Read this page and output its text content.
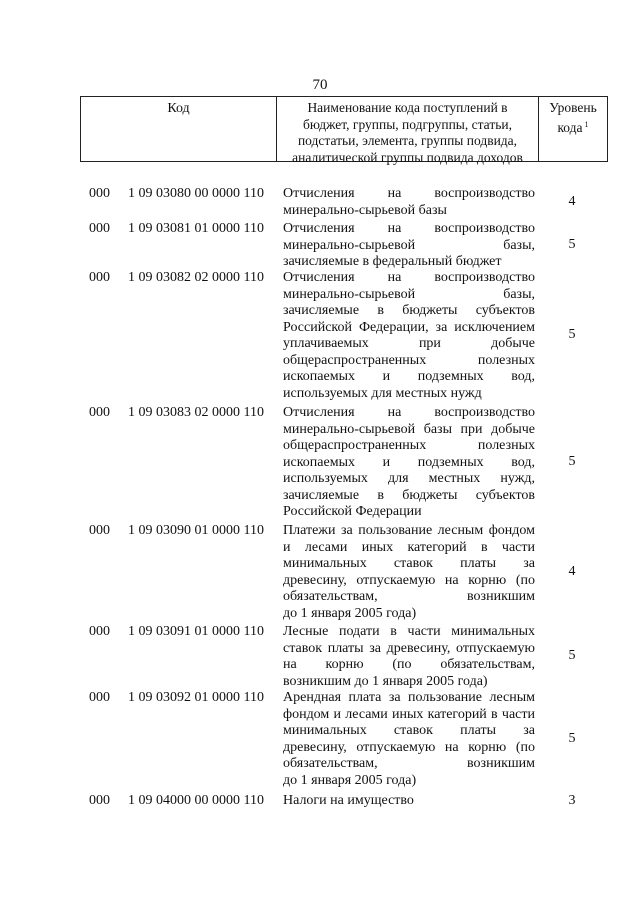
70
Код	Наименование кода поступлений в
бюджет, группы, подгруппы, статьи,
подстатьи, элемента, группы подвида,
аналитической группы подвида доходов
Уровень
кода $^1$
000 1 09 03080 00 0000 110 Отчисления на воспроизводство
минерально-сырьевой базы
4
000 1 09 03081 01 0000 110 Отчисления на воспроизводство
минерально-сырьевой базы,
зачисляемые в федеральный бюджет
5
000 1 09 03082 02 0000 110 Отчисления на воспроизводство
минерально-сырьевой базы,
зачисляемые в бюджеты субъектов
Российской Федерации, за исключением
уплачиваемых при добыче
общераспространенных полезных
ископаемых и подземных вод,
используемых для местных нужд
5
000 1 09 03083 02 0000 110 Отчисления на воспроизводство
минерально-сырьевой базы при добыче
общераспространенных полезных
ископаемых и подземных вод,
используемых для местных нужд,
зачисляемые в бюджеты субъектов
Российской Федерации
5
000 1 09 03090 01 0000 110 Платежи за пользование лесным фондом
и лесами иных категорий в части
минимальных ставок платы за
древесину, отпускаемую на корню (по
обязательствам, возникшим
до 1 января 2005 года)
4
000 1 09 03091 01 0000 110 Лесные подати в части минимальных
ставок платы за древесину, отпускаемую
на корню (по обязательствам,
возникшим до 1 января 2005 года)
5
000 1 09 03092 01 0000 110 Арендная плата за пользование лесным
фондом и лесами иных категорий в части
минимальных ставок платы за
древесину, отпускаемую на корню (по
обязательствам, возникшим
до 1 января 2005 года)
5
000 1 09 04000 00 0000 110 Налоги на имущество	3
